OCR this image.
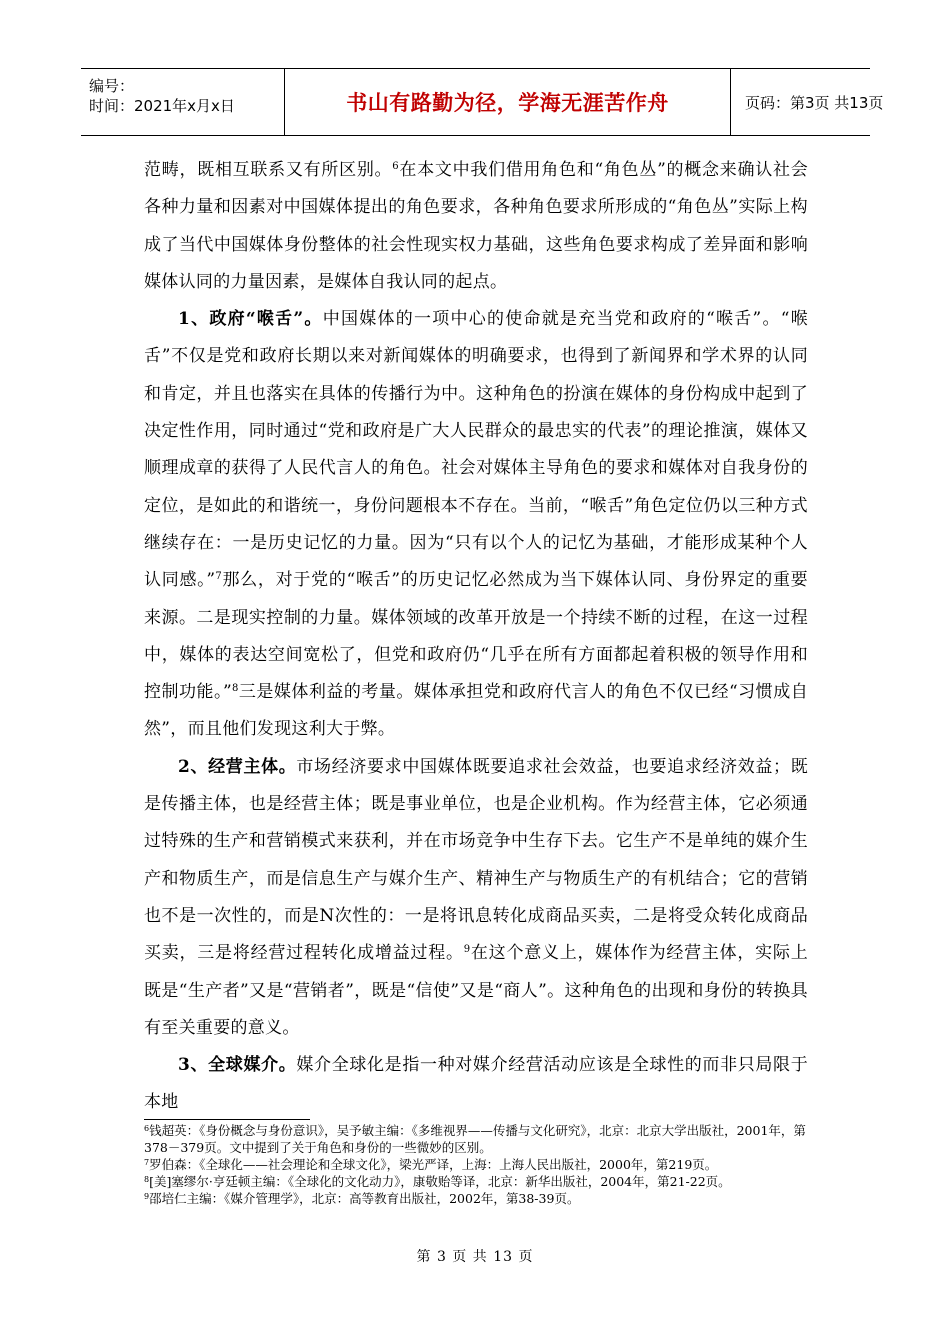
编号：
时间：2021年x月x日	书山有路勤为径，学海无涯苦作舟	页码：第3页 共13页

范畴，既相互联系又有所区别。$^6$在本文中我们借用角色和“角色丛”的概念来确认社会各种力量和因素对中国媒体提出的角色要求，各种角色要求所形成的“角色丛”实际上构成了当代中国媒体身份整体的社会性现实权力基础，这些角色要求构成了差异面和影响媒体认同的力量因素，是媒体自我认同的起点。

1、政府“喉舌”。中国媒体的一项中心的使命就是充当党和政府的“喉舌”。“喉舌”不仅是党和政府长期以来对新闻媒体的明确要求，也得到了新闻界和学术界的认同和肯定，并且也落实在具体的传播行为中。这种角色的扮演在媒体的身份构成中起到了决定性作用，同时通过“党和政府是广大人民群众的最忠实的代表”的理论推演，媒体又顺理成章的获得了人民代言人的角色。社会对媒体主导角色的要求和媒体对自我身份的定位，是如此的和谐统一，身份问题根本不存在。当前，“喉舌”角色定位仍以三种方式继续存在：一是历史记忆的力量。因为“只有以个人的记忆为基础，才能形成某种个人认同感。”$^7$那么，对于党的“喉舌”的历史记忆必然成为当下媒体认同、身份界定的重要来源。二是现实控制的力量。媒体领域的改革开放是一个持续不断的过程，在这一过程中，媒体的表达空间宽松了，但党和政府仍“几乎在所有方面都起着积极的领导作用和控制功能。”$^8$三是媒体利益的考量。媒体承担党和政府代言人的角色不仅已经“习惯成自然”，而且他们发现这利大于弊。

2、经营主体。市场经济要求中国媒体既要追求社会效益，也要追求经济效益；既是传播主体，也是经营主体；既是事业单位，也是企业机构。作为经营主体，它必须通过特殊的生产和营销模式来获利，并在市场竞争中生存下去。它生产不是单纯的媒介生产和物质生产，而是信息生产与媒介生产、精神生产与物质生产的有机结合；它的营销也不是一次性的，而是N次性的：一是将讯息转化成商品买卖，二是将受众转化成商品买卖，三是将经营过程转化成增益过程。$^9$在这个意义上，媒体作为经营主体，实际上既是“生产者”又是“营销者”，既是“信使”又是“商人”。这种角色的出现和身份的转换具有至关重要的意义。

3、全球媒介。媒介全球化是指一种对媒介经营活动应该是全球性的而非只局限于本地

$^6$钱超英：《身份概念与身份意识》，吴予敏主编：《多维视界——传播与文化研究》，北京：北京大学出版社，2001年，第378－379页。文中提到了关于角色和身份的一些微妙的区别。

$^7$罗伯森：《全球化——社会理论和全球文化》，梁光严译，上海：上海人民出版社，2000年，第219页。

$^8$[美]塞缪尔·亨廷顿主编：《全球化的文化动力》，康敬贻等译，北京：新华出版社，2004年，第21-22页。

$^9$邵培仁主编：《媒介管理学》，北京：高等教育出版社，2002年，第38-39页。

第 3 页 共 13 页
